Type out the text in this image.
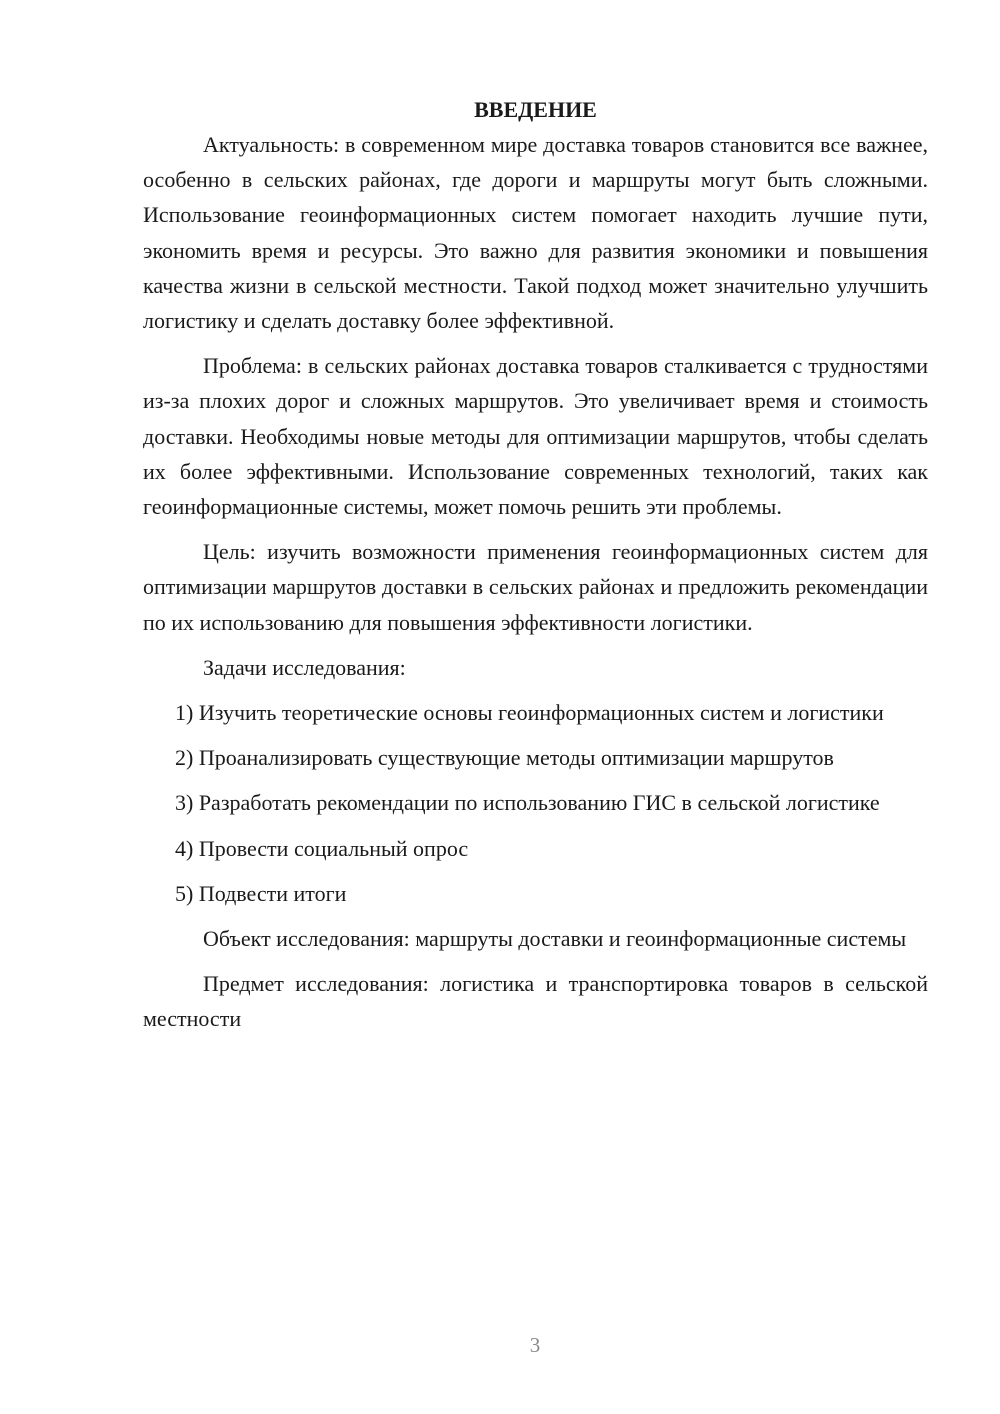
ВВЕДЕНИЕ

Актуальность: в современном мире доставка товаров становится все важнее, особенно в сельских районах, где дороги и маршруты могут быть сложными. Использование геоинформационных систем помогает находить лучшие пути, экономить время и ресурсы. Это важно для развития экономики и повышения качества жизни в сельской местности. Такой подход может значительно улучшить логистику и сделать доставку более эффективной.

Проблема: в сельских районах доставка товаров сталкивается с трудностями из-за плохих дорог и сложных маршрутов. Это увеличивает время и стоимость доставки. Необходимы новые методы для оптимизации маршрутов, чтобы сделать их более эффективными. Использование современных технологий, таких как геоинформационные системы, может помочь решить эти проблемы.

Цель: изучить возможности применения геоинформационных систем для оптимизации маршрутов доставки в сельских районах и предложить рекомендации по их использованию для повышения эффективности логистики.

Задачи исследования:

1) Изучить теоретические основы геоинформационных систем и логистики

2) Проанализировать существующие методы оптимизации маршрутов

3) Разработать рекомендации по использованию ГИС в сельской логистике

4) Провести социальный опрос

5) Подвести итоги

Объект исследования: маршруты доставки и геоинформационные системы

Предмет исследования: логистика и транспортировка товаров в сельской местности

3
